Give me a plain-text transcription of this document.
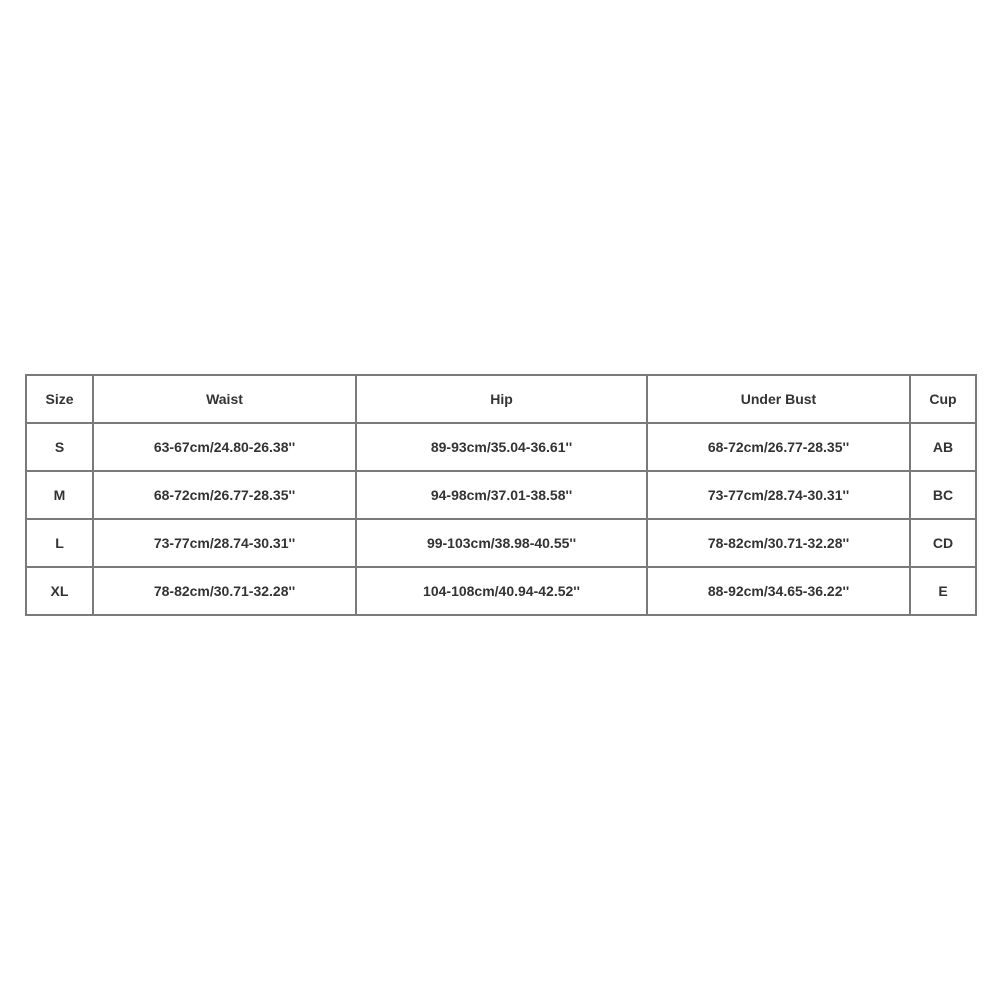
Size	Waist	Hip	Under Bust	Cup
S	63-67cm/24.80-26.38''	89-93cm/35.04-36.61''	68-72cm/26.77-28.35''	AB
M	68-72cm/26.77-28.35''	94-98cm/37.01-38.58''	73-77cm/28.74-30.31''	BC
L	73-77cm/28.74-30.31''	99-103cm/38.98-40.55''	78-82cm/30.71-32.28''	CD
XL	78-82cm/30.71-32.28''	104-108cm/40.94-42.52''	88-92cm/34.65-36.22''	E
